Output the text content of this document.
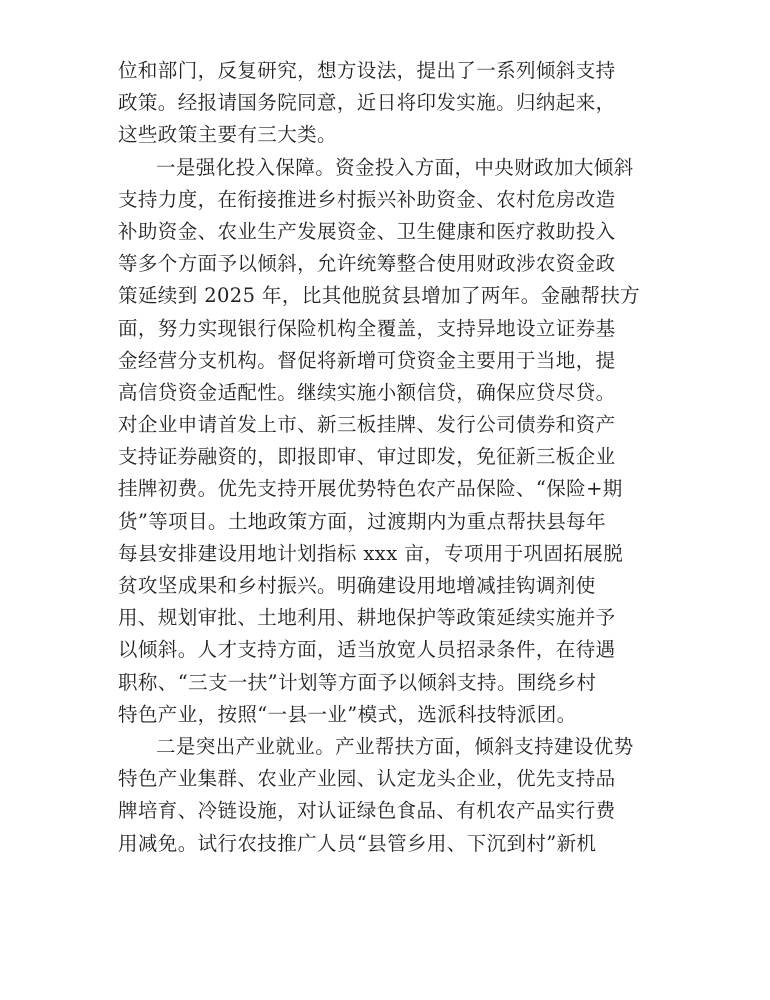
位和部门，反复研究，想方设法，提出了一系列倾斜支持
政策。经报请国务院同意，近日将印发实施。归纳起来，
这些政策主要有三大类。
一是强化投入保障。资金投入方面，中央财政加大倾斜
支持力度，在衔接推进乡村振兴补助资金、农村危房改造
补助资金、农业生产发展资金、卫生健康和医疗救助投入
等多个方面予以倾斜，允许统筹整合使用财政涉农资金政
策延续到 2025 年，比其他脱贫县增加了两年。金融帮扶方
面，努力实现银行保险机构全覆盖，支持异地设立证券基
金经营分支机构。督促将新增可贷资金主要用于当地，提
高信贷资金适配性。继续实施小额信贷，确保应贷尽贷。
对企业申请首发上市、新三板挂牌、发行公司债券和资产
支持证券融资的，即报即审、审过即发，免征新三板企业
挂牌初费。优先支持开展优势特色农产品保险、“保险+期
货”等项目。土地政策方面，过渡期内为重点帮扶县每年
每县安排建设用地计划指标 xxx 亩，专项用于巩固拓展脱
贫攻坚成果和乡村振兴。明确建设用地增减挂钩调剂使
用、规划审批、土地利用、耕地保护等政策延续实施并予
以倾斜。人才支持方面，适当放宽人员招录条件，在待遇
职称、“三支一扶”计划等方面予以倾斜支持。围绕乡村
特色产业，按照“一县一业”模式，选派科技特派团。
二是突出产业就业。产业帮扶方面，倾斜支持建设优势
特色产业集群、农业产业园、认定龙头企业，优先支持品
牌培育、冷链设施，对认证绿色食品、有机农产品实行费
用减免。试行农技推广人员“县管乡用、下沉到村”新机
